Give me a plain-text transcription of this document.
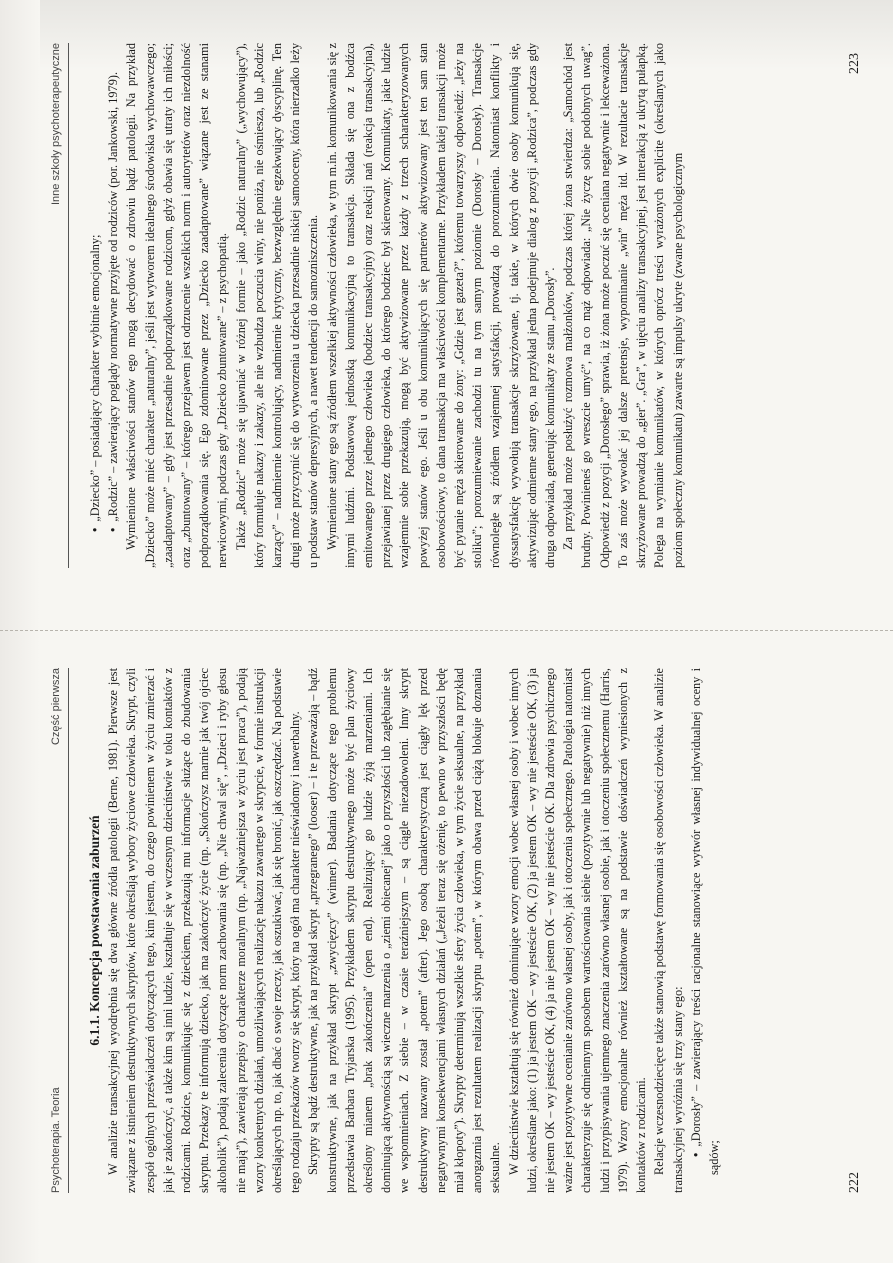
Psychoterapia. Teoria
Część pierwsza

6.1.1. Koncepcja powstawania zaburzeń W analizie transakcyjnej wyodrębnia się dwa główne źródła patologii (Berne, 1981). Pierwsze jest związane z istnieniem destruktywnych skryptów, które określają wybory życiowe człowieka. Skrypt, czyli zespół ogólnych przeświadczeń dotyczących tego, kim jestem, do czego powinienem w życiu zmierzać i jak je zakończyć, a także kim są inni ludzie, kształtuje się w wczesnym dzieciństwie w toku kontaktów z rodzicami. Rodzice, komunikując się z dzieckiem, przekazują mu informacje służące do zbudowania skryptu. Przekazy te informują dziecko, jak ma zakończyć życie (np. „Skończysz marnie jak twój ojciec alkoholik”), podają zalecenia dotyczące norm zachowania się (np. „Nie chwal się”, „Dzieci i ryby głosu nie mają”), zawierają przepisy o charakterze moralnym (np. „Najważniejsza w życiu jest praca”), podają wzory konkretnych działań, umożliwiających realizację nakazu zawartego w skrypcie, w formie instrukcji określających np. to, jak dbać o swoje rzeczy, jak oszukiwać, jak się bronić, jak oszczędzać. Na podstawie tego rodzaju przekazów tworzy się skrypt, który na ogół ma charakter nieświadomy i nawerbalny. Skrypty są bądź destruktywne, jak na przykład skrypt „przegranego” (looser) – i te przeważają – bądź konstruktywne, jak na przykład skrypt „zwycięzcy” (winner). Badania dotyczące tego problemu przedstawia Barbara Tryjarska (1995). Przykładem skryptu destruktywnego może być plan życiowy określony mianem „brak zakończenia” (open end). Realizujący go ludzie żyją marzeniami. Ich dominującą aktywnością są wieczne marzenia o „ziemi obiecanej” jako o przyszłości lub zagłębianie się we wspomnieniach. Z siebie – w czasie teraźniejszym – są ciągle niezadowoleni. Inny skrypt destruktywny nazwany został „potem” (after). Jego osobą charakterystyczną jest ciągły lęk przed negatywnymi konsekwencjami własnych działań („Jeżeli teraz się ożenię, to pewno w przyszłości będę miał kłopoty”). Skrypty determinują wszelkie sfery życia człowieka, w tym życie seksualne, na przykład anorgazmia jest rezultatem realizacji skryptu „potem”, w którym obawa przed ciążą blokuje doznania seksualne. W dzieciństwie kształtują się również dominujące wzory emocji wobec własnej osoby i wobec innych ludzi, określane jako: (1) ja jestem OK – wy jesteście OK, (2) ja jestem OK – wy nie jesteście OK, (3) ja nie jestem OK – wy jesteście OK, (4) ja nie jestem OK – wy nie jesteście OK. Dla zdrowia psychicznego ważne jest pozytywne ocenianie zarówno własnej osoby, jak i otoczenia społecznego. Patologia natomiast charakteryzuje się odmiennym sposobem wartościowania siebie (pozytywnie lub negatywnie) niż innych ludzi i przypisywania ujemnego znaczenia zarówno własnej osobie, jak i otoczeniu społecznemu (Harris, 1979). Wzory emocjonalne również kształtowane są na podstawie doświadczeń wyniesionych z kontaktów z rodzicami. Relacje wczesnodziecięce także stanowią podstawę formowania się osobowości człowieka. W analizie transakcyjnej wyróżnia się trzy stany ego: •„Dorosły” – zawierający treści racjonalne stanowiące wytwór własnej indywidualnej oceny i sądów;

222
Inne szkoły psychoterapeutyczne

•„Dziecko” – posiadający charakter wybitnie emocjonalny;

•„Rodzic” – zawierający poglądy normatywne przyjęte od rodziców (por. Jankowski, 1979). Wymienione właściwości stanów ego mogą decydować o zdrowiu bądź patologii. Na przykład „Dziecko” może mieć charakter „naturalny”, jeśli jest wytworem idealnego środowiska wychowawczego; „zaadaptowany” – gdy jest przesadnie podporządkowane rodzicom, gdyż obawia się utraty ich miłości; oraz „zbuntowany” – którego przejawem jest odrzucenie wszelkich norm i autorytetów oraz niezdolność podporządkowania się. Ego zdominowane przez „Dziecko zaadaptowane” wiązane jest ze stanami nerwicowymi, podczas gdy „Dziecko zbuntowane” – z psychopatią. Także „Rodzic” może się ujawniać w różnej formie – jako „Rodzic naturalny” („wychowujący”), który formułuje nakazy i zakazy, ale nie wzbudza poczucia winy, nie poniża, nie ośmiesza, lub „Rodzic karzący” – nadmiernie kontrolujący, nadmiernie krytyczny, bezwzględnie egzekwujący dyscyplinę. Ten drugi może przyczynić się do wytworzenia u dziecka przesadnie niskiej samooceny, która nierzadko leży u podstaw stanów depresyjnych, a nawet tendencji do samozniszczenia. Wymienione stany ego są źródłem wszelkiej aktywności człowieka, w tym m.in. komunikowania się z innymi ludźmi. Podstawową jednostką komunikacyjną to transakcja. Składa się ona z bodźca emitowanego przez jednego człowieka (bodziec transakcyjny) oraz reakcji nań (reakcja transakcyjna), przejawianej przez drugiego człowieka, do którego bodziec był skierowany. Komunikaty, jakie ludzie wzajemnie sobie przekazują, mogą być aktywizowane przez każdy z trzech scharakteryzowanych powyżej stanów ego. Jeśli u obu komunikujących się partnerów aktywizowany jest ten sam stan osobowościowy, to dana transakcja ma właściwości komplementarne. Przykładem takiej transakcji może być pytanie męża skierowane do żony: „Gdzie jest gazeta?”, któremu towarzyszy odpowiedź: „leży na stoliku”; porozumiewanie zachodzi tu na tym samym poziomie (Dorosły – Dorosły). Transakcje równoległe są źródłem wzajemnej satysfakcji, prowadzą do porozumienia. Natomiast konflikty i dyssatysfakcję wywołują transakcje skrzyżowane, tj. takie, w których dwie osoby komunikują się, aktywizując odmienne stany ego, na przykład jedna podejmuje dialog z pozycji „Rodzica”, podczas gdy druga odpowiada, generując komunikaty ze stanu „Dorosły”. Za przykład może posłużyć rozmowa małżonków, podczas której żona stwierdza: „Samochód jest brudny. Powinieneś go wreszcie umyć”, na co mąż odpowiada: „Nie życzę sobie podobnych uwag”. Odpowiedź z pozycji „Dorosłego” sprawia, iż żona może poczuć się oceniana negatywnie i lekceważona. To zaś może wywołać jej dalsze pretensje, wypominanie „win” męża itd. W rezultacie transakcje skrzyżowane prowadzą do „gier”. „Gra”, w ujęciu analizy transakcyjnej, jest interakcją z ukrytą pułapką. Polega na wymianie komunikatów, w których oprócz treści wyrażonych explicite (określanych jako poziom społeczny komunikatu) zawarte są impulsy ukryte (zwane psychologicznym

223
